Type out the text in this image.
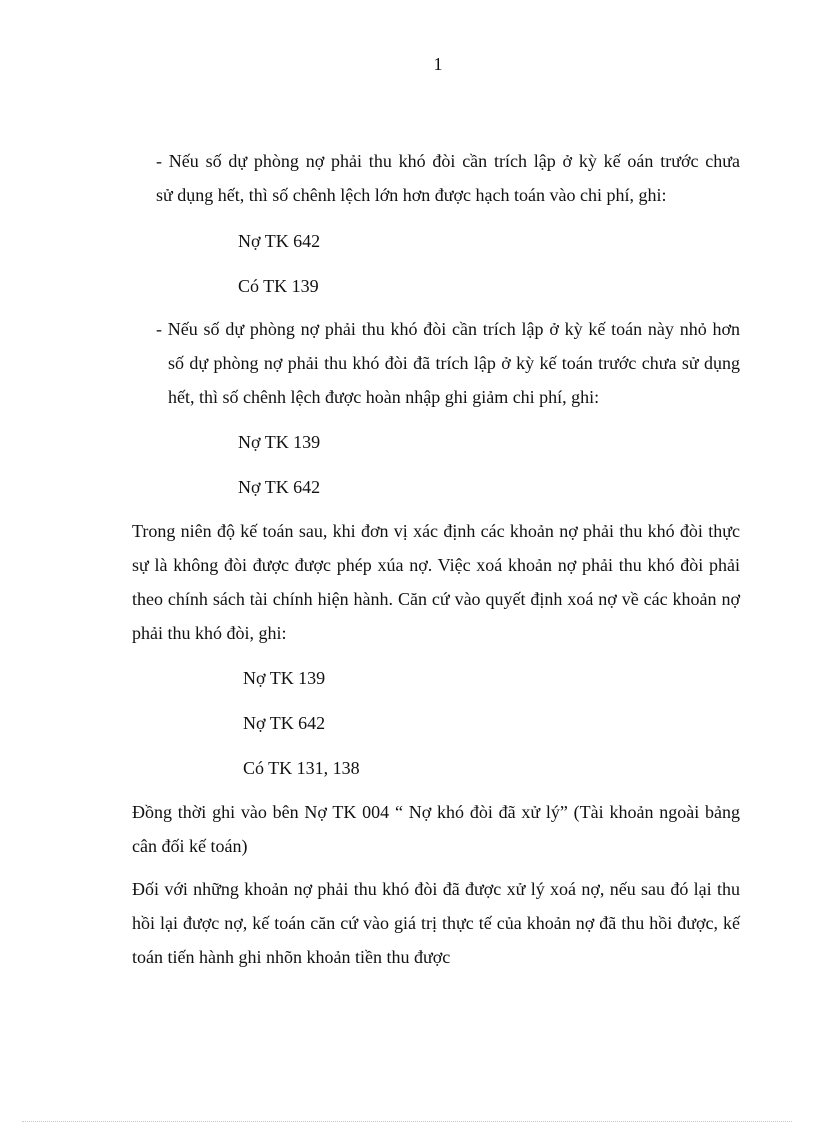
1

- Nếu số dự phòng nợ phải thu khó đòi cần trích lập ở kỳ kế oán trước chưa

sử dụng hết, thì số chênh lệch lớn hơn được hạch toán vào chi phí, ghi:

Nợ TK 642

Có TK 139

- Nếu số dự phòng nợ phải thu khó đòi cần trích lập ở kỳ kế toán này nhỏ hơn

số dự phòng nợ phải thu khó đòi đã trích lập ở kỳ kế toán trước chưa sử dụng hết, thì số chênh lệch được hoàn nhập ghi giảm chi phí, ghi:

Nợ TK 139

Nợ TK 642

Trong niên độ kế toán sau, khi đơn vị xác định các khoản nợ phải thu khó đòi thực sự là không đòi được được phép xúa nợ. Việc xoá khoản nợ phải thu khó đòi phải theo chính sách tài chính hiện hành. Căn cứ vào quyết định xoá nợ về các khoản nợ phải thu khó đòi, ghi:

Nợ TK 139

Nợ TK 642

Có TK 131, 138

Đồng thời ghi vào bên Nợ TK 004 “ Nợ khó đòi đã xử lý” (Tài khoản ngoài bảng cân đối kế toán)

Đối với những khoản nợ phải thu khó đòi đã được xử lý xoá nợ, nếu sau đó lại thu hồi lại được nợ, kế toán căn cứ vào giá trị thực tế của khoản nợ đã thu hồi được, kế toán tiến hành ghi nhõn khoản tiền thu được
